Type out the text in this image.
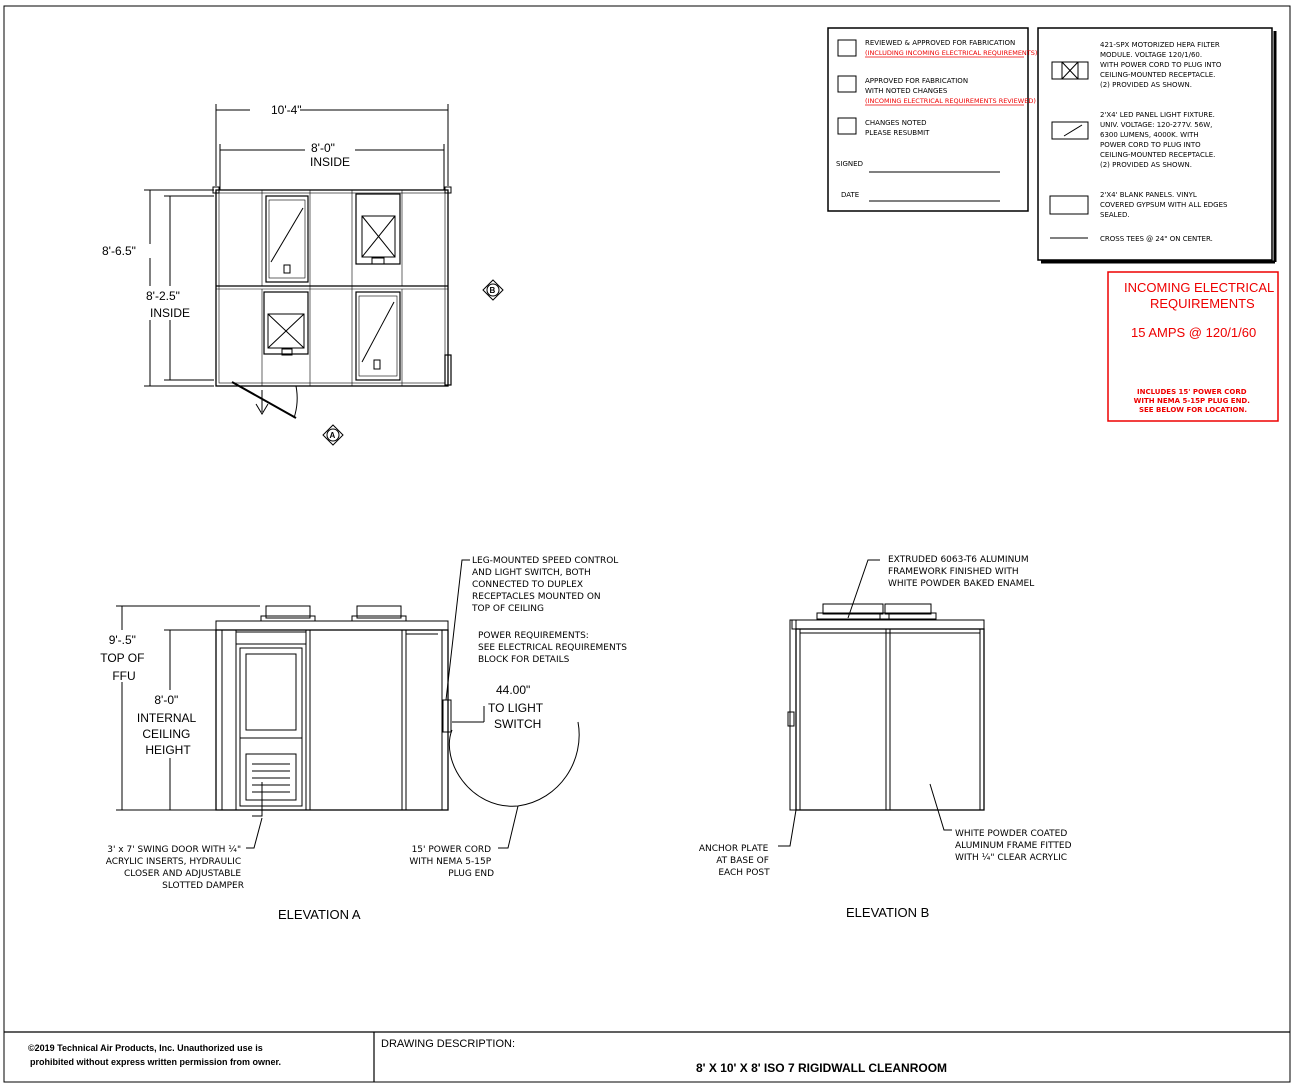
10'-4"
8'-0"
INSIDE
8'-6.5"
8'-2.5"
INSIDE
B
A
REVIEWED & APPROVED FOR FABRICATION
(INCLUDING INCOMING ELECTRICAL REQUIREMENTS)
APPROVED FOR FABRICATION
WITH NOTED CHANGES
(INCOMING ELECTRICAL REQUIREMENTS REVIEWED)
CHANGES NOTED
PLEASE RESUBMIT
SIGNED
DATE
421-SPX MOTORIZED HEPA FILTER MODULE. VOLTAGE 120/1/60. WITH POWER CORD TO PLUG INTO CEILING-MOUNTED RECEPTACLE. (2) PROVIDED AS SHOWN.
2'X4' LED PANEL LIGHT FIXTURE. UNIV. VOLTAGE: 120-277V. 56W, 6300 LUMENS, 4000K. WITH POWER CORD TO PLUG INTO CEILING-MOUNTED RECEPTACLE. (2) PROVIDED AS SHOWN.
2'X4' BLANK PANELS. VINYL COVERED GYPSUM WITH ALL EDGES SEALED.
CROSS TEES @ 24" ON CENTER.
INCOMING ELECTRICAL
REQUIREMENTS
15 AMPS @ 120/1/60
INCLUDES 15' POWER CORD WITH NEMA 5-15P PLUG END. SEE BELOW FOR LOCATION.
9'-.5" TOP OF FFU
8'-0" INTERNAL CEILING HEIGHT
44.00" TO LIGHT SWITCH
LEG-MOUNTED SPEED CONTROL AND LIGHT SWITCH, BOTH CONNECTED TO DUPLEX RECEPTACLES MOUNTED ON TOP OF CEILING
POWER REQUIREMENTS: SEE ELECTRICAL REQUIREMENTS BLOCK FOR DETAILS
3' x 7' SWING DOOR WITH ¼" ACRYLIC INSERTS, HYDRAULIC CLOSER AND ADJUSTABLE SLOTTED DAMPER
15' POWER CORD WITH NEMA 5-15P PLUG END
ELEVATION A
EXTRUDED 6063-T6 ALUMINUM FRAMEWORK FINISHED WITH WHITE POWDER BAKED ENAMEL
ANCHOR PLATE AT BASE OF EACH POST
WHITE POWDER COATED ALUMINUM FRAME FITTED WITH ¼" CLEAR ACRYLIC
ELEVATION B
©2019 Technical Air Products, Inc. Unauthorized use is
prohibited without express written permission from owner.
DRAWING DESCRIPTION:
8' X 10' X 8' ISO 7 RIGIDWALL CLEANROOM
